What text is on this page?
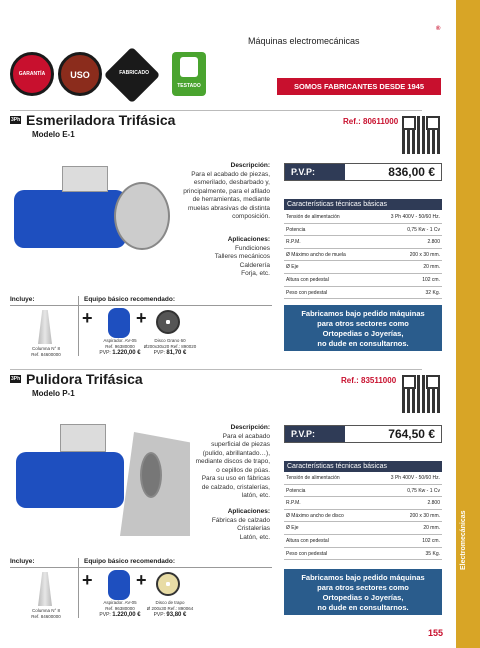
Electromecánicas
®
Máquinas electromecánicas
GARANTÍA	USO	FABRICADO
TESTADO	SOMOS FABRICANTES DESDE 1945
3Ph Esmeriladora Trifásica
Modelo E-1
Ref.: 80611000
Descripción:
Para el acabado de piezas,
esmerilado, desbarbado y,
principalmente, para el afilado
de herramientas, mediante
muelas abrasivas de distinta
composición.
Aplicaciones:
Fundiciones
Talleres mecánicos
Calderería
Forja, etc.
P.V.P:	836,00 €
Características técnicas básicas
Tensión de alimentación	3 Ph 400V - 50/60 Hz.
Potencia	0,75 Kw - 1 Cv
R.P.M.	2.800
Ø Máximo ancho de muela	200 x 30 mm.
Ø Eje	20 mm.
Altura con pedestal	102 cm.
Peso con pedestal	32 Kg.
Fabricamos bajo pedido máquinas
para otros sectores como
Ortopedias o Joyerías,
no dude en consultarnos.
Incluye:	Equipo básico recomendado:
Columna N° 8
Ref. 84600000
+
Aspirador. AV-05
Ref. 96380000
PVP: 1.220,00 €
+
Disco Grano 60
Ø200x30x20 Ref.: 890020
PVP: 81,70 €
3Ph Pulidora Trifásica
Modelo P-1
Ref.: 83511000
Descripción:
Para el acabado
superficial de piezas
(pulido, abrillantado…),
mediante discos de trapo,
o cepillos de púas.
Para su uso en fábricas
de calzado, cristalerías,
latón, etc.
Aplicaciones:
Fábricas de calzado
Cristalerías
Latón, etc.
P.V.P:	764,50 €
Características técnicas básicas
Tensión de alimentación	3 Ph 400V - 50/60 Hz.
Potencia	0,75 Kw - 1 Cv
R.P.M.	2.800
Ø Máximo ancho de disco	200 x 30 mm.
Ø Eje	20 mm.
Altura con pedestal	102 cm.
Peso con pedestal	35 Kg.
Fabricamos bajo pedido máquinas
para otros sectores como
Ortopedias o Joyerías,
no dude en consultarnos.
Incluye:	Equipo básico recomendado:
Columna N° 8
Ref. 84600000
+
Aspirador. AV-05
Ref. 96380000
PVP: 1.220,00 €
+
Disco de trapo
Ø 200x30 Ref.: 890064
PVP: 93,80 €
155
